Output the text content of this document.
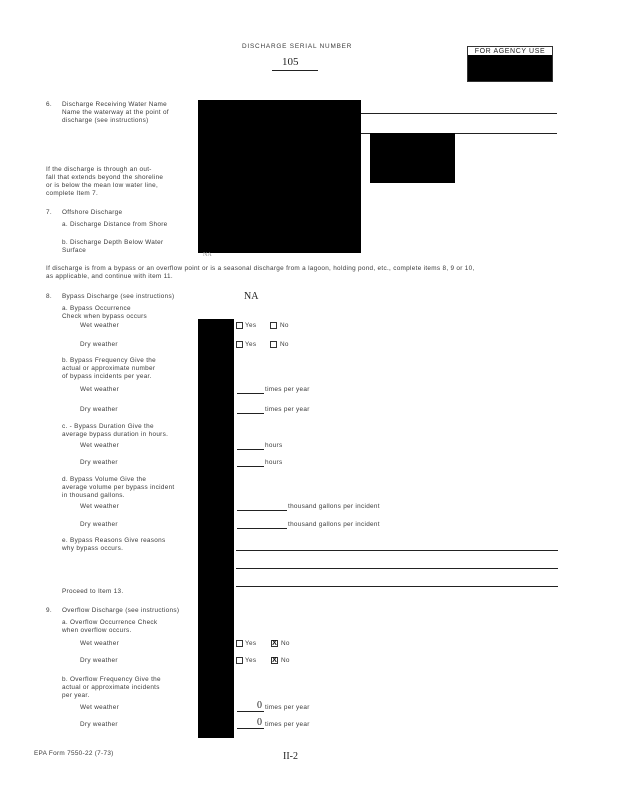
DISCHARGE SERIAL NUMBER
105
FOR AGENCY USE
6. Discharge Receiving Water Name
Name the waterway at the point of
discharge (see instructions)
If the discharge is through an out-
fall that extends beyond the shoreline
or is below the mean low water line,
complete Item 7.
7. Offshore Discharge
a. Discharge Distance from Shore
b. Discharge Depth Below Water
Surface
NA
If discharge is from a bypass or an overflow point or is a seasonal discharge from a lagoon, holding pond, etc., complete items 8, 9 or 10,
as applicable, and continue with item 11.
8. Bypass Discharge (see instructions)	NA
a. Bypass Occurrence
Check when bypass occurs
Wet weather	Yes	No
Dry weather	Yes	No
b. Bypass Frequency Give the
actual or approximate number
of bypass incidents per year.
Wet weather	times per year
Dry weather	times per year
c. - Bypass Duration Give the
average bypass duration in hours.
Wet weather	hours
Dry weather	hours
d. Bypass Volume Give the
average volume per bypass incident
in thousand gallons.
Wet weather	thousand gallons per incident
Dry weather	thousand gallons per incident
e. Bypass Reasons Give reasons
why bypass occurs.
Proceed to Item 13.
9. Overflow Discharge (see instructions)
a. Overflow Occurrence Check
when overflow occurs.
Wet weather	Yes X No
Dry weather	Yes X No
b. Overflow Frequency Give the
actual or approximate incidents
per year.
Wet weather	0 times per year
Dry weather	0 times per year
EPA Form 7550-22 (7-73)	II-2
